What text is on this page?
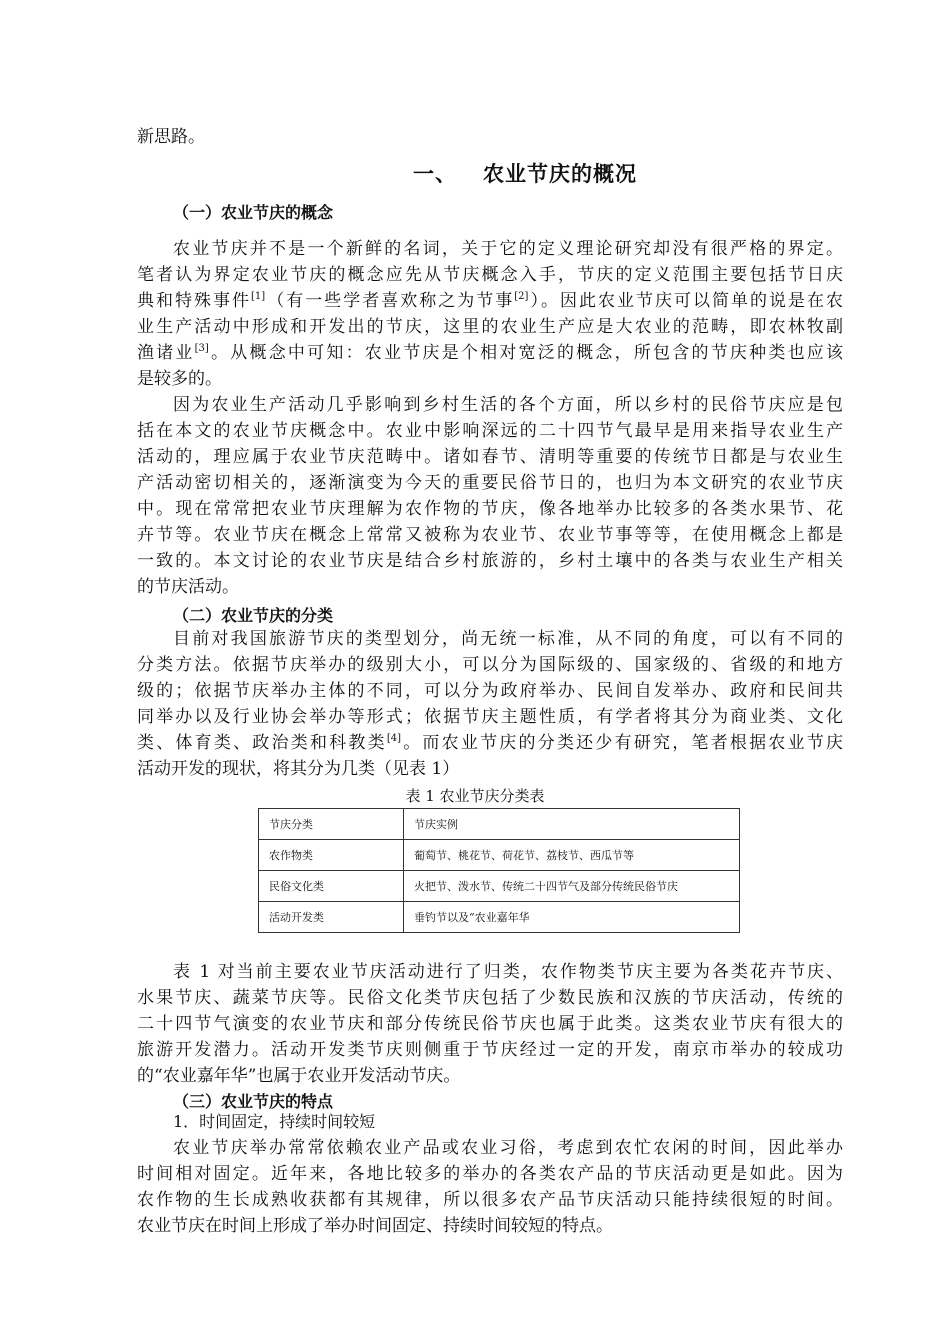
新思路。
一、 农业节庆的概况
（一）农业节庆的概念
农业节庆并不是一个新鲜的名词，关于它的定义理论研究却没有很严格的界定。
笔者认为界定农业节庆的概念应先从节庆概念入手，节庆的定义范围主要包括节日庆
典和特殊事件[1]（有一些学者喜欢称之为节事[2]）。因此农业节庆可以简单的说是在农
业生产活动中形成和开发出的节庆，这里的农业生产应是大农业的范畴，即农林牧副
渔诸业[3]。从概念中可知：农业节庆是个相对宽泛的概念，所包含的节庆种类也应该
是较多的。
因为农业生产活动几乎影响到乡村生活的各个方面，所以乡村的民俗节庆应是包
括在本文的农业节庆概念中。农业中影响深远的二十四节气最早是用来指导农业生产
活动的，理应属于农业节庆范畴中。诸如春节、清明等重要的传统节日都是与农业生
产活动密切相关的，逐渐演变为今天的重要民俗节日的，也归为本文研究的农业节庆
中。现在常常把农业节庆理解为农作物的节庆，像各地举办比较多的各类水果节、花
卉节等。农业节庆在概念上常常又被称为农业节、农业节事等等，在使用概念上都是
一致的。本文讨论的农业节庆是结合乡村旅游的，乡村土壤中的各类与农业生产相关
的节庆活动。
（二）农业节庆的分类
目前对我国旅游节庆的类型划分，尚无统一标准，从不同的角度，可以有不同的
分类方法。依据节庆举办的级别大小，可以分为国际级的、国家级的、省级的和地方
级的；依据节庆举办主体的不同，可以分为政府举办、民间自发举办、政府和民间共
同举办以及行业协会举办等形式；依据节庆主题性质，有学者将其分为商业类、文化
类、体育类、政治类和科教类[4]。而农业节庆的分类还少有研究，笔者根据农业节庆
活动开发的现状，将其分为几类（见表 1）
表 1 农业节庆分类表
节庆分类	节庆实例
农作物类	葡萄节、桃花节、荷花节、荔枝节、西瓜节等
民俗文化类	火把节、泼水节、传统二十四节气及部分传统民俗节庆
活动开发类	垂钓节以及“农业嘉年华
表 1 对当前主要农业节庆活动进行了归类，农作物类节庆主要为各类花卉节庆、
水果节庆、蔬菜节庆等。民俗文化类节庆包括了少数民族和汉族的节庆活动，传统的
二十四节气演变的农业节庆和部分传统民俗节庆也属于此类。这类农业节庆有很大的
旅游开发潜力。活动开发类节庆则侧重于节庆经过一定的开发，南京市举办的较成功
的“农业嘉年华”也属于农业开发活动节庆。
（三）农业节庆的特点
1．时间固定，持续时间较短
农业节庆举办常常依赖农业产品或农业习俗，考虑到农忙农闲的时间，因此举办
时间相对固定。近年来，各地比较多的举办的各类农产品的节庆活动更是如此。因为
农作物的生长成熟收获都有其规律，所以很多农产品节庆活动只能持续很短的时间。
农业节庆在时间上形成了举办时间固定、持续时间较短的特点。
